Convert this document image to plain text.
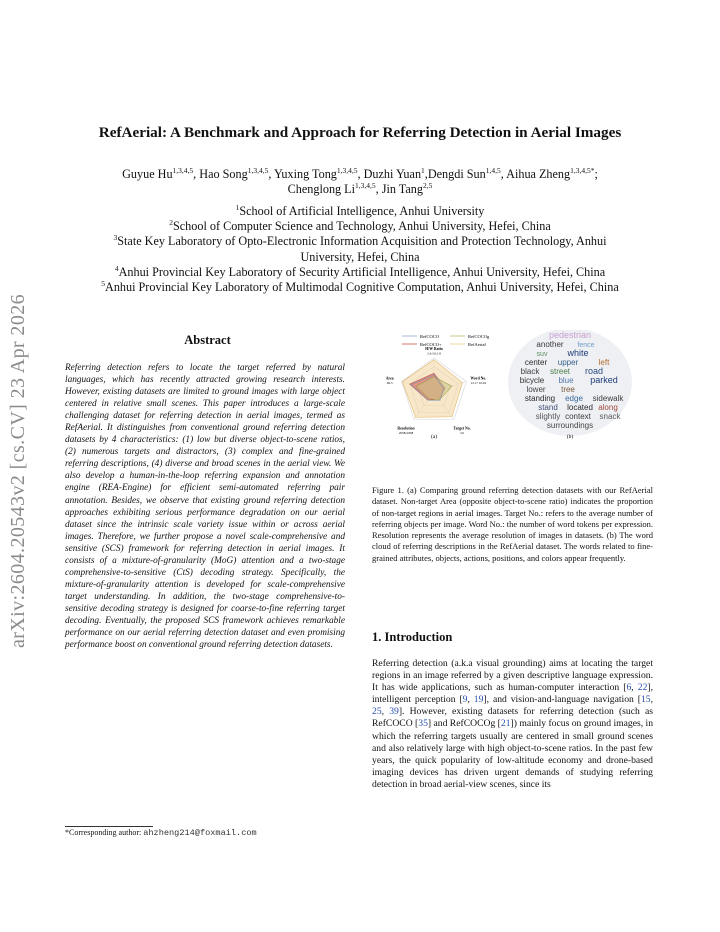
arXiv:2604.20543v2 [cs.CV] 23 Apr 2026
RefAerial: A Benchmark and Approach for Referring Detection in Aerial Images
Guyue Hu$^{1,3,4,5}$, Hao Song$^{1,3,4,5}$, Yuxing Tong$^{1,3,4,5}$, Duzhi Yuan$^1$,Dengdi Sun$^{1,4,5}$, Aihua Zheng$^{1,3,4,5*}$;
Chenglong Li$^{1,3,4,5}$, Jin Tang$^{2,5}$
$^1$School of Artificial Intelligence, Anhui University
$^2$School of Computer Science and Technology, Anhui University, Hefei, China
$^3$State Key Laboratory of Opto-Electronic Information Acquisition and Protection Technology, Anhui
University, Hefei, China
$^4$Anhui Provincial Key Laboratory of Security Artificial Intelligence, Anhui University, Hefei, China
$^5$Anhui Provincial Key Laboratory of Multimodal Cognitive Computation, Anhui University, Hefei, China
Abstract
Referring detection refers to locate the target referred by natural languages, which has recently attracted growing research interests. However, existing datasets are limited to ground images with large object centered in relative small scenes. This paper introduces a large-scale challenging dataset for referring detection in aerial images, termed as RefAerial. It distinguishes from conventional ground referring detection datasets by 4 characteristics: (1) low but diverse object-to-scene ratios, (2) numerous targets and distractors, (3) complex and fine-grained referring descriptions, (4) diverse and broad scenes in the aerial view. We also develop a human-in-the-loop referring expansion and annotation engine (REA-Engine) for efficient semi-automated referring pair annotation. Besides, we observe that existing ground referring detection approaches exhibiting serious performance degradation on our aerial dataset since the intrinsic scale variety issue within or across aerial images. Therefore, we further propose a novel scale-comprehensive and sensitive (SCS) framework for referring detection in aerial images. It consists of a mixture-of-granularity (MoG) attention and a two-stage comprehensive-to-sensitive (CtS) decoding strategy. Specifically, the mixture-of-granularity attention is developed for scale-comprehensive target understanding. In addition, the two-stage comprehensive-to-sensitive decoding strategy is designed for coarse-to-fine referring target decoding. Eventually, the proposed SCS framework achieves remarkable performance on our aerial referring detection dataset and even promising performance boost on conventional ground referring detection datasets.
*Corresponding author: ahzheng214@foxmail.com
RefCOCO	RefCOCOg
RefCOCO+	RefAerial
H/W Ratio
2.4:3.0:1.8
Word No.
12.17 10.04
Target No.
3.6
Resolution
2058x1868
Area
96.3
(a)
pedestrian
another fence
suv white
center upper	left
black street road
bicycle blue parked
lower tree
standing edge sidewalk
stand located along
slightly context snack
surroundings
(b)
Figure 1. (a) Comparing ground referring detection datasets with our RefAerial dataset. Non-target Area (opposite object-to-scene ratio) indicates the proportion of non-target regions in aerial images. Target No.: refers to the average number of referring objects per image. Word No.: the number of word tokens per expression. Resolution represents the average resolution of images in datasets. (b) The word cloud of referring descriptions in the RefAerial dataset. The words related to fine-grained attributes, objects, actions, positions, and colors appear frequently.
1. Introduction
Referring detection (a.k.a visual grounding) aims at locating the target regions in an image referred by a given descriptive language expression. It has wide applications, such as human-computer interaction [6, 22], intelligent perception [9, 19], and vision-and-language navigation [15, 25, 39]. However, existing datasets for referring detection (such as RefCOCO [35] and RefCOCOg [21]) mainly focus on ground images, in which the referring targets usually are centered in small ground scenes and also relatively large with high object-to-scene ratios. In the past few years, the quick popularity of low-altitude economy and drone-based imaging devices has driven urgent demands of studying referring detection in broad aerial-view scenes, since its
